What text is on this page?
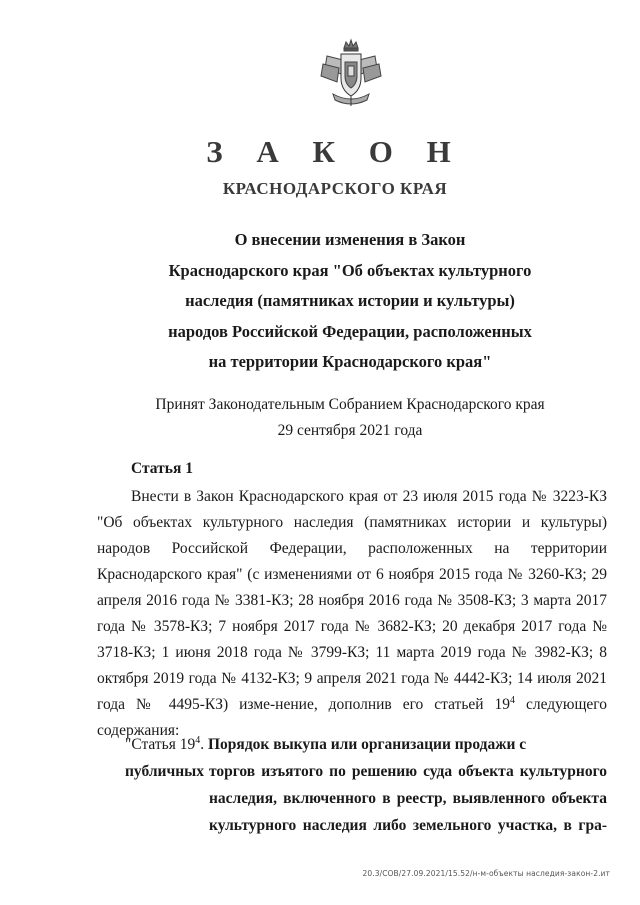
З А К О Н
КРАСНОДАРСКОГО КРАЯ
О внесении изменения в Закон
Краснодарского края "Об объектах культурного
наследия (памятниках истории и культуры)
народов Российской Федерации, расположенных
на территории Краснодарского края"
Принят Законодательным Собранием Краснодарского края
29 сентября 2021 года
Статья 1
Внести в Закон Краснодарского края от 23 июля 2015 года № 3223-КЗ "Об объектах культурного наследия (памятниках истории и культуры) народов Российской Федерации, расположенных на территории Краснодарского края" (с изменениями от 6 ноября 2015 года № 3260-КЗ; 29 апреля 2016 года № 3381-КЗ; 28 ноября 2016 года № 3508-КЗ; 3 марта 2017 года № 3578-КЗ; 7 ноября 2017 года № 3682-КЗ; 20 декабря 2017 года № 3718-КЗ; 1 июня 2018 года № 3799-КЗ; 11 марта 2019 года № 3982-КЗ; 8 октября 2019 года № 4132-КЗ; 9 апреля 2021 года № 4442-КЗ; 14 июля 2021 года № 4495-КЗ) изме-нение, дополнив его статьей $19^4$ следующего содержания:
"Статья $19^4$. Порядок выкупа или организации продажи с публичных торгов изъятого по решению суда объекта культурного
наследия, включенного в реестр, выявленного объекта
культурного наследия либо земельного участка, в гра-
20.3/СОВ/27.09.2021/15.52/н-м-объекты наследия-закон-2.ит
